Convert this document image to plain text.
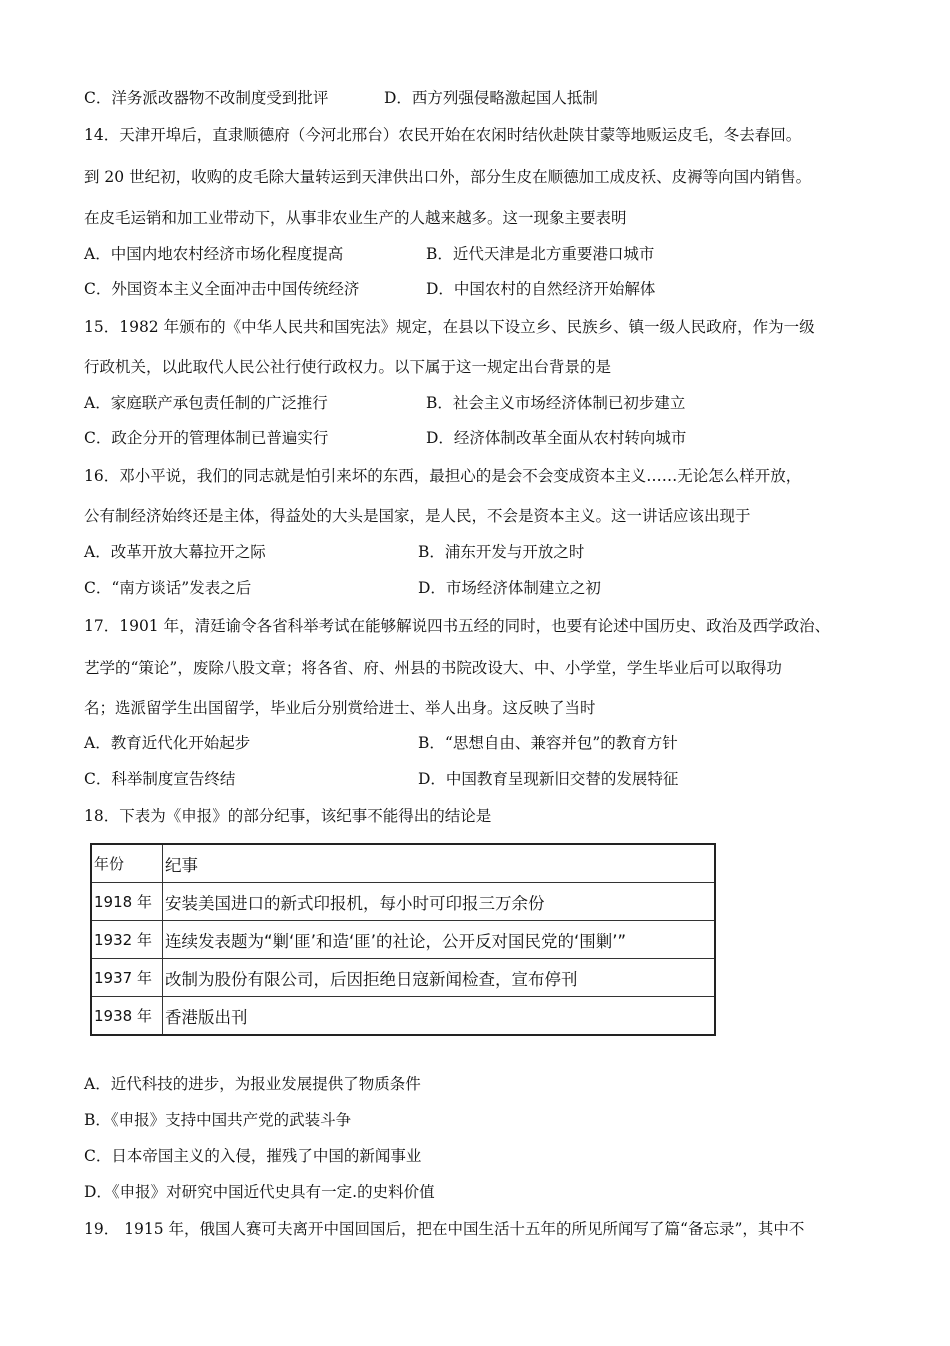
C．洋务派改器物不改制度受到批评	D．西方列强侵略激起国人抵制
14．天津开埠后，直隶顺德府（今河北邢台）农民开始在农闲时结伙赴陕甘蒙等地贩运皮毛，冬去春回。
到 20 世纪初，收购的皮毛除大量转运到天津供出口外，部分生皮在顺德加工成皮袄、皮褥等向国内销售。
在皮毛运销和加工业带动下，从事非农业生产的人越来越多。这一现象主要表明
A．中国内地农村经济市场化程度提高	B．近代天津是北方重要港口城市
C．外国资本主义全面冲击中国传统经济	D．中国农村的自然经济开始解体
15．1982 年颁布的《中华人民共和国宪法》规定，在县以下设立乡、民族乡、镇一级人民政府，作为一级
行政机关，以此取代人民公社行使行政权力。以下属于这一规定出台背景的是
A．家庭联产承包责任制的广泛推行	B．社会主义市场经济体制已初步建立
C．政企分开的管理体制已普遍实行	D．经济体制改革全面从农村转向城市
16．邓小平说，我们的同志就是怕引来坏的东西，最担心的是会不会变成资本主义……无论怎么样开放，
公有制经济始终还是主体，得益处的大头是国家，是人民，不会是资本主义。这一讲话应该出现于
A．改革开放大幕拉开之际	B．浦东开发与开放之时
C．“南方谈话”发表之后	D．市场经济体制建立之初
17．1901 年，清廷谕令各省科举考试在能够解说四书五经的同时，也要有论述中国历史、政治及西学政治、
艺学的“策论”，废除八股文章；将各省、府、州县的书院改设大、中、小学堂，学生毕业后可以取得功
名；选派留学生出国留学，毕业后分别赏给进士、举人出身。这反映了当时
A．教育近代化开始起步	B．“思想自由、兼容并包”的教育方针
C．科举制度宣告终结	D．中国教育呈现新旧交替的发展特征
18．下表为《申报》的部分纪事，该纪事不能得出的结论是
年份	纪事
1918 年	安装美国进口的新式印报机，每小时可印报三万余份
1932 年	连续发表题为“剿‘匪’和造‘匪’的社论，公开反对国民党的‘围剿’”
1937 年	改制为股份有限公司，后因拒绝日寇新闻检查，宣布停刊
1938 年	香港版出刊
A．近代科技的进步，为报业发展提供了物质条件
B．《申报》支持中国共产党的武装斗争
C．日本帝国主义的入侵，摧残了中国的新闻事业
D．《申报》对研究中国近代史具有一定.的史料价值
19． 1915 年，俄国人赛可夫离开中国回国后，把在中国生活十五年的所见所闻写了篇“备忘录”，其中不
